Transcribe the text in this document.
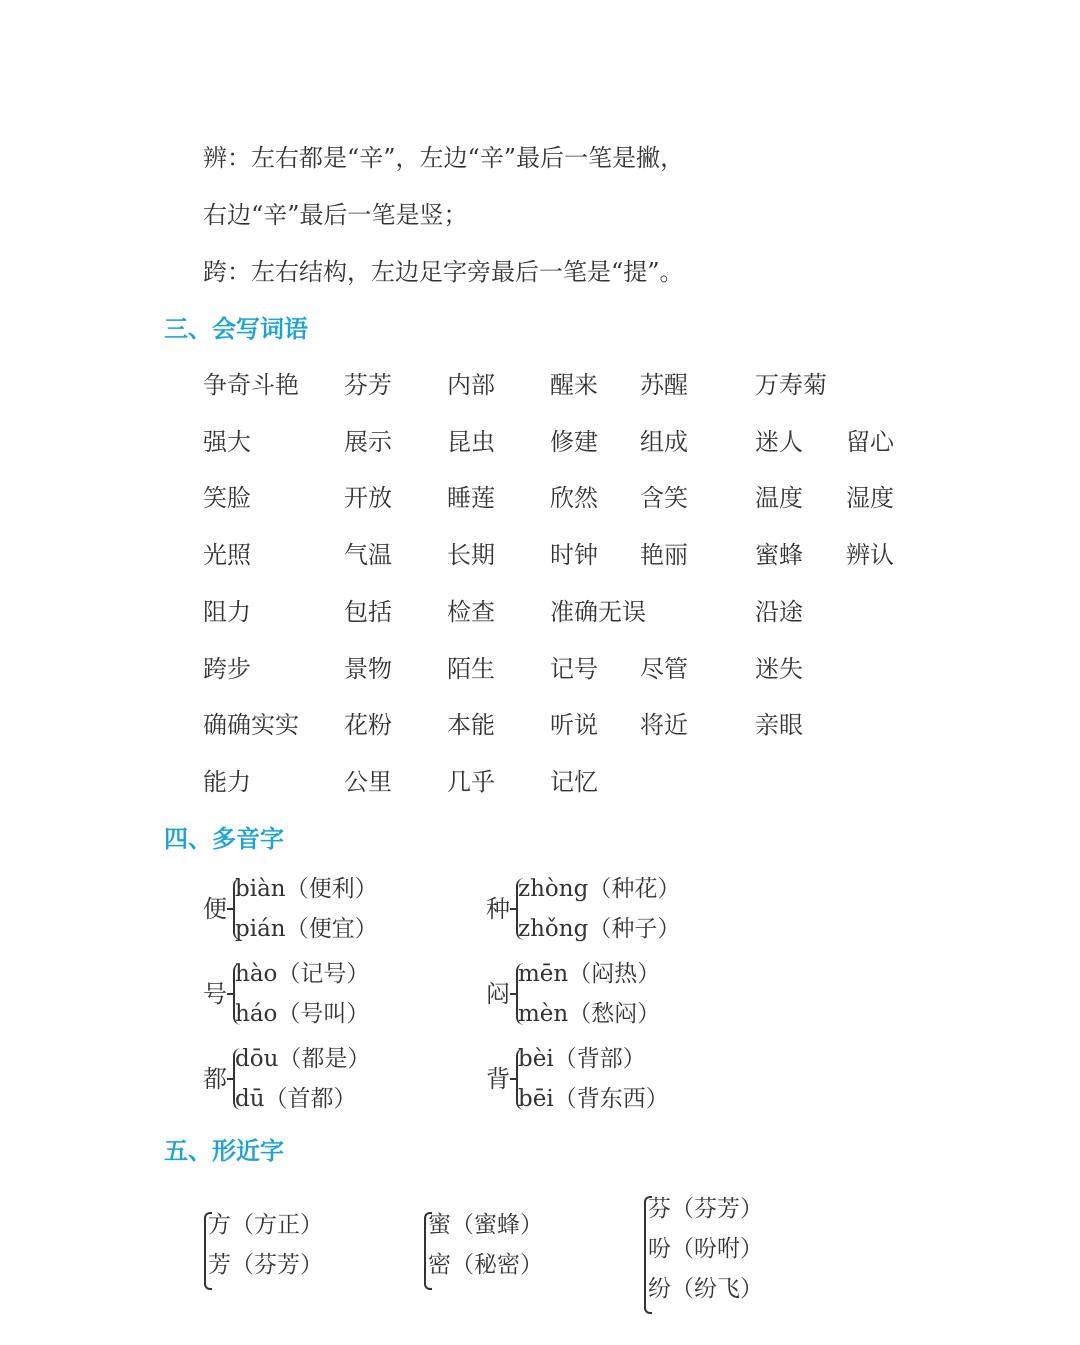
辨：左右都是“辛”，左边“辛”最后一笔是撇，
右边“辛”最后一笔是竖；
跨：左右结构，左边足字旁最后一笔是“提”。
三、会写词语
争奇斗艳 芬芳 内部 醒来 苏醒	万寿菊
强大	展示 昆虫 修建 组成	迷人 留心
笑脸	开放 睡莲 欣然 含笑	温度 湿度
光照	气温 长期 时钟 艳丽	蜜蜂 辨认
阻力	包括 检查 准确无误	沿途
跨步	景物 陌生 记号 尽管	迷失
确确实实 花粉 本能 听说 将近	亲眼
能力	公里 几乎 记忆
四、多音字
便
biàn（便利）
pián（便宜）
种
zhòng（种花）
zhǒng（种子）
号
hào（记号）
háo（号叫）
闷
mēn（闷热）
mèn（愁闷）
都
dōu（都是）
dū（首都）
背
bèi（背部）
bēi（背东西）
五、形近字
方（方正）
芳（芬芳）
蜜（蜜蜂）
密（秘密）
芬（芬芳）
吩（吩咐）
纷（纷飞）
